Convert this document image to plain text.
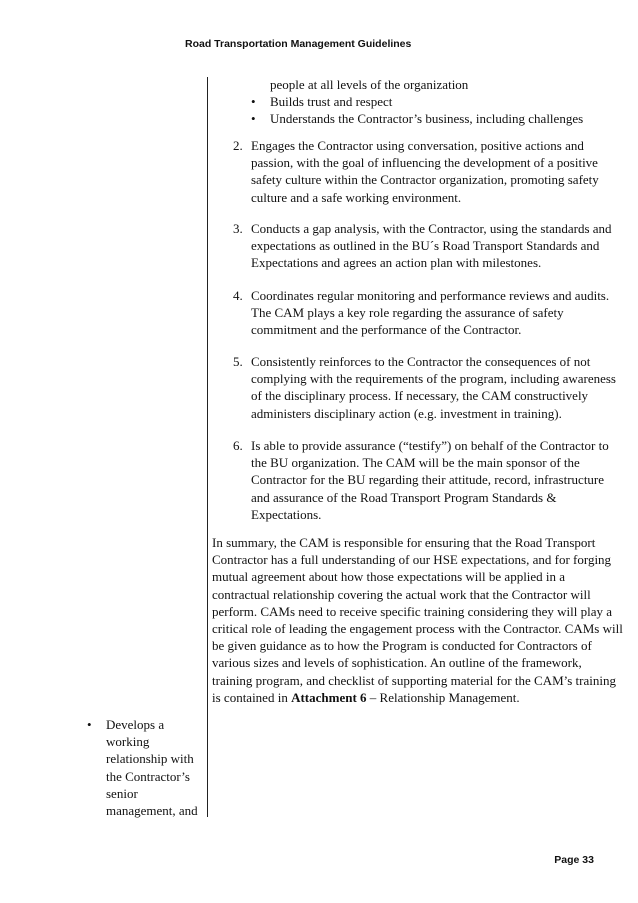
Road Transportation Management Guidelines

people at all levels of the organization

• Builds trust and respect

• Understands the Contractor’s business, including challenges

2. Engages the Contractor using conversation, positive actions and passion, with the goal of influencing the development of a positive safety culture within the Contractor organization, promoting safety culture and a safe working environment.

3. Conducts a gap analysis, with the Contractor, using the standards and expectations as outlined in the BU´s Road Transport Standards and Expectations and agrees an action plan with milestones.

4. Coordinates regular monitoring and performance reviews and audits. The CAM plays a key role regarding the assurance of safety commitment and the performance of the Contractor.

5. Consistently reinforces to the Contractor the consequences of not complying with the requirements of the program, including awareness of the disciplinary process. If necessary, the CAM constructively administers disciplinary action (e.g. investment in training).

6. Is able to provide assurance (“testify”) on behalf of the Contractor to the BU organization. The CAM will be the main sponsor of the Contractor for the BU regarding their attitude, record, infrastructure and assurance of the Road Transport Program Standards & Expectations.

In summary, the CAM is responsible for ensuring that the Road Transport Contractor has a full understanding of our HSE expectations, and for forging mutual agreement about how those expectations will be applied in a contractual relationship covering the actual work that the Contractor will perform. CAMs need to receive specific training considering they will play a critical role of leading the engagement process with the Contractor. CAMs will be given guidance as to how the Program is conducted for Contractors of various sizes and levels of sophistication. An outline of the framework, training program, and checklist of supporting material for the CAM’s training is contained in Attachment 6 – Relationship Management.
• Develops a working relationship with the Contractor’s senior management, and

Page 33
